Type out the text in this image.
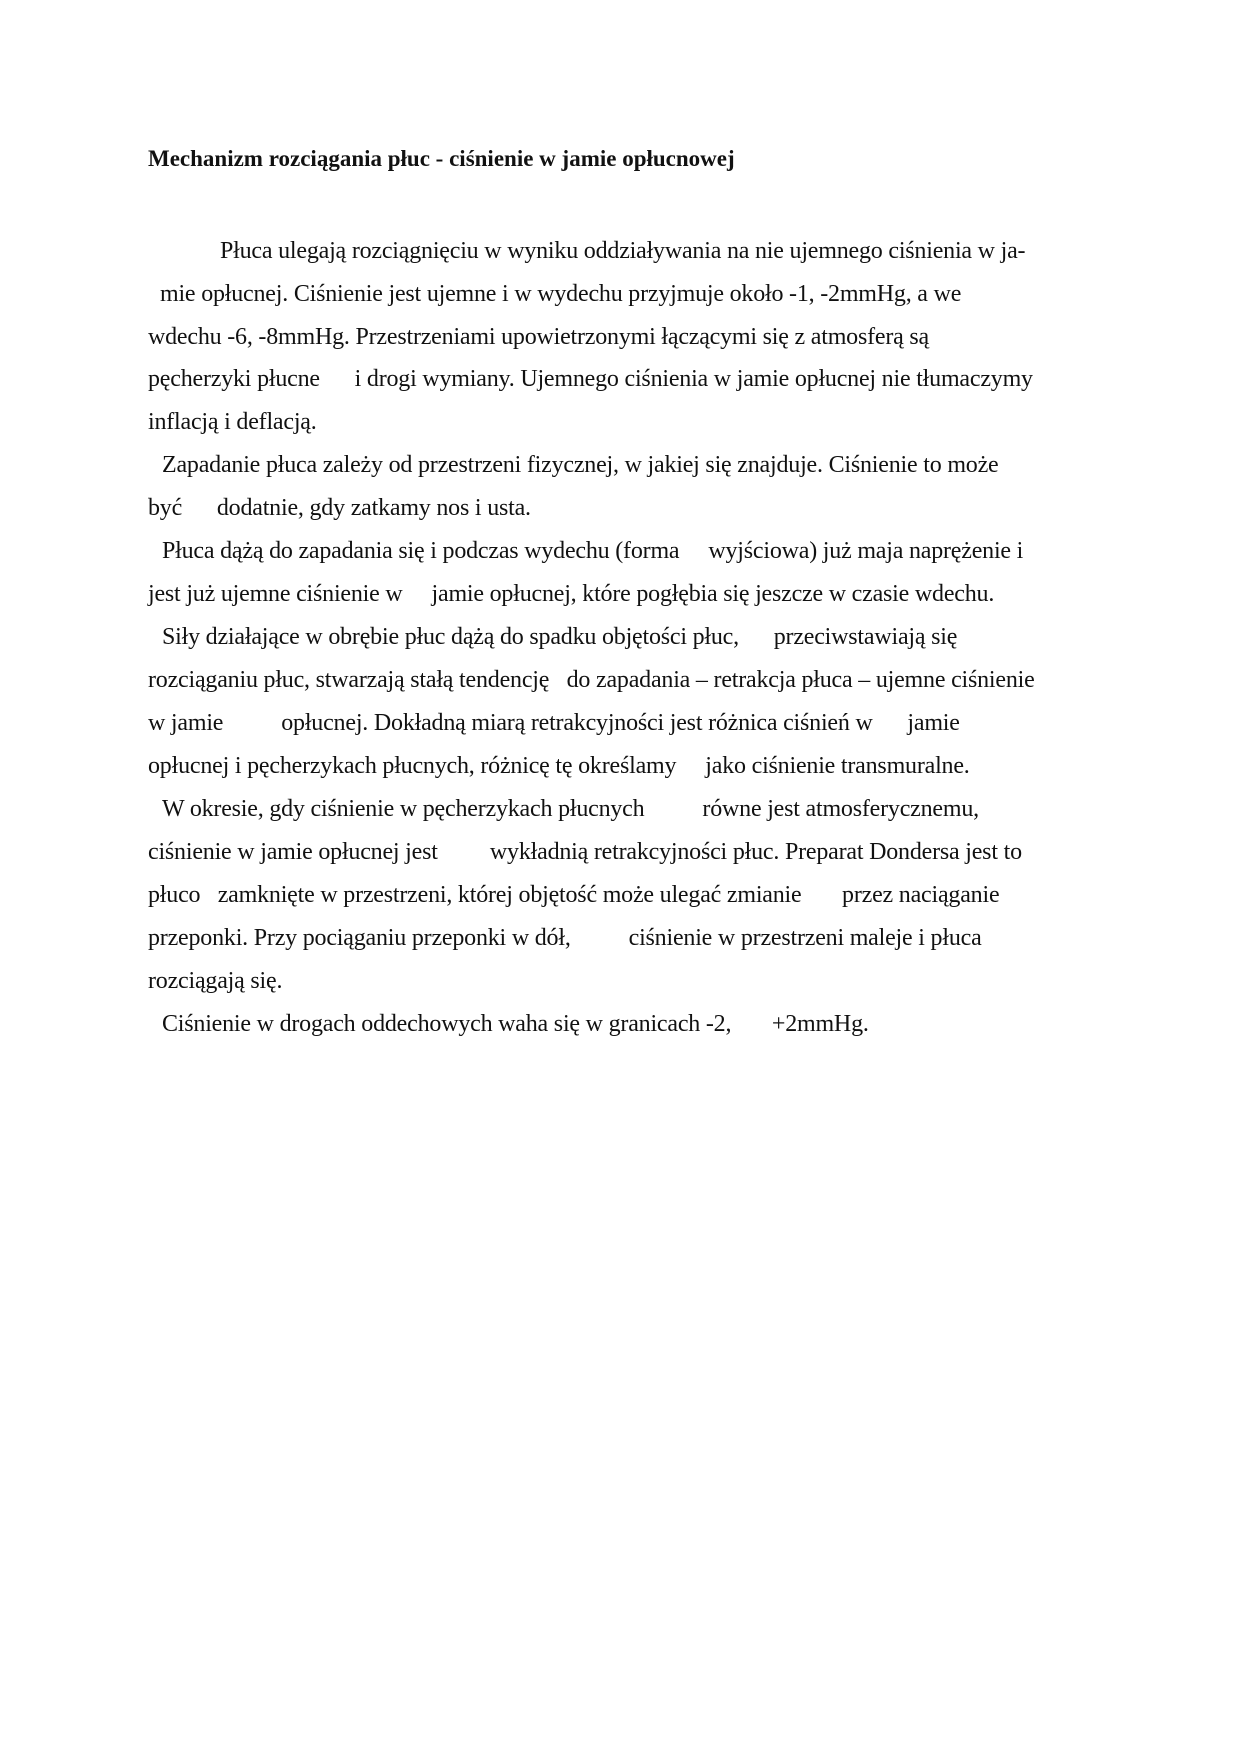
Mechanizm rozciągania płuc - ciśnienie w jamie opłucnowej

Płuca ulegają rozciągnięciu w wyniku oddziaływania na nie ujemnego ciśnienia w ja-

mie opłucnej. Ciśnienie jest ujemne i w wydechu przyjmuje około -1, -2mmHg, a we

wdechu -6, -8mmHg. Przestrzeniami upowietrzonymi łączącymi się z atmosferą są

pęcherzyki płucne      i drogi wymiany. Ujemnego ciśnienia w jamie opłucnej nie tłumaczymy

inflacją i deflacją.

Zapadanie płuca zależy od przestrzeni fizycznej, w jakiej się znajduje. Ciśnienie to może

być      dodatnie, gdy zatkamy nos i usta.

Płuca dążą do zapadania się i podczas wydechu (forma     wyjściowa) już maja naprężenie i

jest już ujemne ciśnienie w     jamie opłucnej, które pogłębia się jeszcze w czasie wdechu.

Siły działające w obrębie płuc dążą do spadku objętości płuc,      przeciwstawiają się

rozciąganiu płuc, stwarzają stałą tendencję   do zapadania – retrakcja płuca – ujemne ciśnienie

w jamie          opłucnej. Dokładną miarą retrakcyjności jest różnica ciśnień w      jamie

opłucnej i pęcherzykach płucnych, różnicę tę określamy     jako ciśnienie transmuralne.

W okresie, gdy ciśnienie w pęcherzykach płucnych          równe jest atmosferycznemu,

ciśnienie w jamie opłucnej jest         wykładnią retrakcyjności płuc. Preparat Dondersa jest to

płuco   zamknięte w przestrzeni, której objętość może ulegać zmianie       przez naciąganie

przeponki. Przy pociąganiu przeponki w dół,          ciśnienie w przestrzeni maleje i płuca

rozciągają się.

Ciśnienie w drogach oddechowych waha się w granicach -2,       +2mmHg.
